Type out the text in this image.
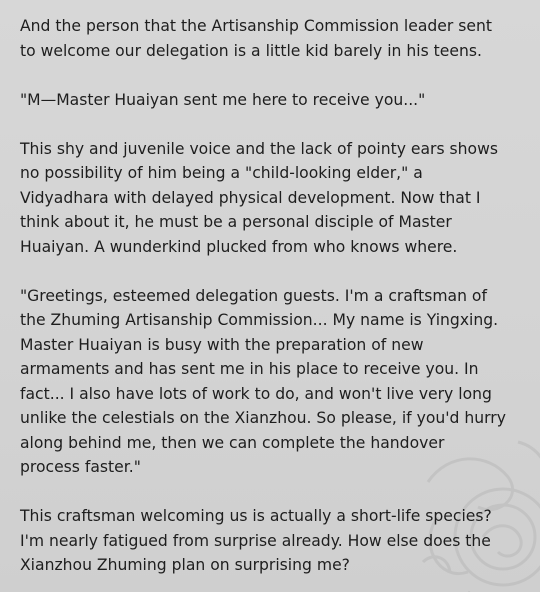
And the person that the Artisanship Commission leader sent
to welcome our delegation is a little kid barely in his teens.

"M—Master Huaiyan sent me here to receive you..."

This shy and juvenile voice and the lack of pointy ears shows
no possibility of him being a "child-looking elder," a
Vidyadhara with delayed physical development. Now that I
think about it, he must be a personal disciple of Master
Huaiyan. A wunderkind plucked from who knows where.

"Greetings, esteemed delegation guests. I'm a craftsman of
the Zhuming Artisanship Commission... My name is Yingxing.
Master Huaiyan is busy with the preparation of new
armaments and has sent me in his place to receive you. In
fact... I also have lots of work to do, and won't live very long
unlike the celestials on the Xianzhou. So please, if you'd hurry
along behind me, then we can complete the handover
process faster."

This craftsman welcoming us is actually a short-life species?
I'm nearly fatigued from surprise already. How else does the
Xianzhou Zhuming plan on surprising me?
